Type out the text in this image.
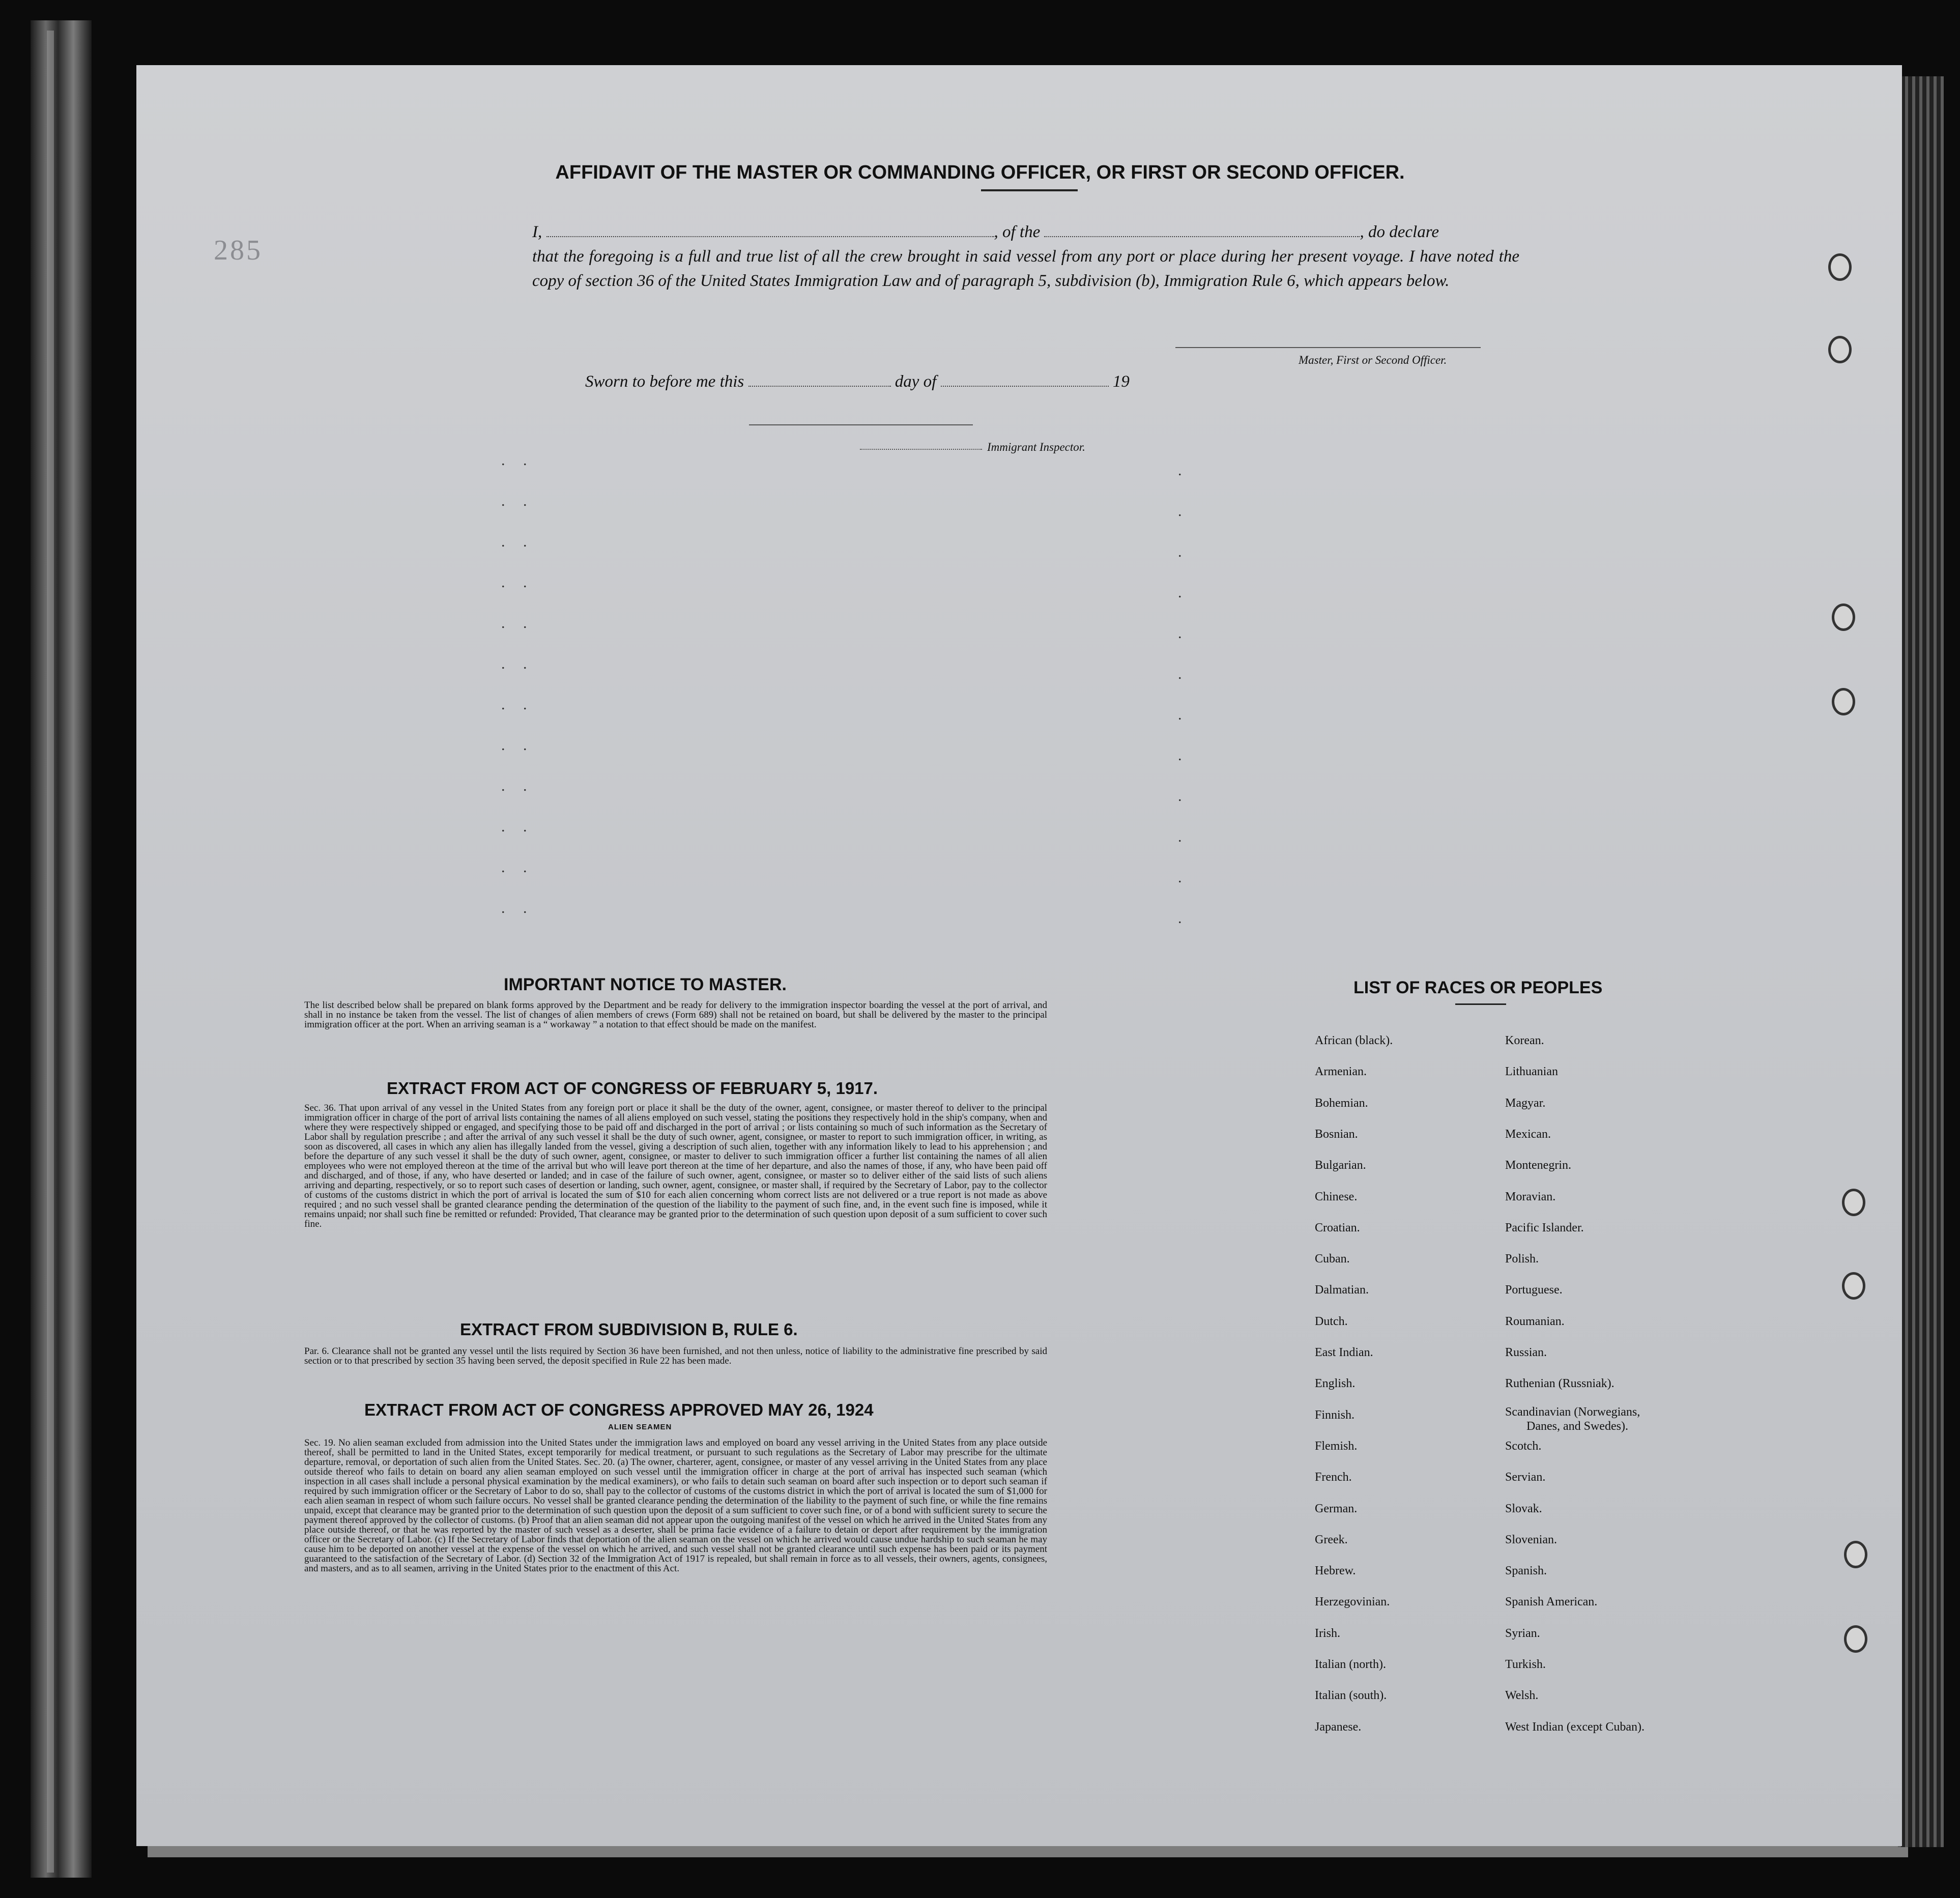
285
AFFIDAVIT OF THE MASTER OR COMMANDING OFFICER, OR FIRST OR SECOND OFFICER.
I,	, of the	, do declare
that the foregoing is a full and true list of all the crew brought in said vessel from any port or place during her present voyage. I have noted the copy of section 36 of the United States Immigration Law and of paragraph 5, subdivision (b), Immigration Rule 6, which appears below.
Master, First or Second Officer.
Sworn to before me this	day of	19
Immigrant Inspector.
. .
. .
. .
. .
. .
. .
. .
. .
. .
. .
. .
. .
.
.
.
.
.
.
.
.
.
.
.
.
IMPORTANT NOTICE TO MASTER.
The list described below shall be prepared on blank forms approved by the Department and be ready for delivery to the immigration inspector boarding the vessel at the port of arrival, and shall in no instance be taken from the vessel. The list of changes of alien members of crews (Form 689) shall not be retained on board, but shall be delivered by the master to the principal immigration officer at the port. When an arriving seaman is a “ workaway ” a notation to that effect should be made on the manifest.
EXTRACT FROM ACT OF CONGRESS OF FEBRUARY 5, 1917.
Sec. 36. That upon arrival of any vessel in the United States from any foreign port or place it shall be the duty of the owner, agent, consignee, or master thereof to deliver to the principal immigration officer in charge of the port of arrival lists containing the names of all aliens employed on such vessel, stating the positions they respectively hold in the ship's company, when and where they were respectively shipped or engaged, and specifying those to be paid off and discharged in the port of arrival ; or lists containing so much of such information as the Secretary of Labor shall by regulation prescribe ; and after the arrival of any such vessel it shall be the duty of such owner, agent, consignee, or master to report to such immigration officer, in writing, as soon as discovered, all cases in which any alien has illegally landed from the vessel, giving a description of such alien, together with any information likely to lead to his apprehension ; and before the departure of any such vessel it shall be the duty of such owner, agent, consignee, or master to deliver to such immigration officer a further list containing the names of all alien employees who were not employed thereon at the time of the arrival but who will leave port thereon at the time of her departure, and also the names of those, if any, who have been paid off and discharged, and of those, if any, who have deserted or landed; and in case of the failure of such owner, agent, consignee, or master so to deliver either of the said lists of such aliens arriving and departing, respectively, or so to report such cases of desertion or landing, such owner, agent, consignee, or master shall, if required by the Secretary of Labor, pay to the collector of customs of the customs district in which the port of arrival is located the sum of $10 for each alien concerning whom correct lists are not delivered or a true report is not made as above required ; and no such vessel shall be granted clearance pending the determination of the question of the liability to the payment of such fine, and, in the event such fine is imposed, while it remains unpaid; nor shall such fine be remitted or refunded: Provided, That clearance may be granted prior to the determination of such question upon deposit of a sum sufficient to cover such fine.
EXTRACT FROM SUBDIVISION B, RULE 6.
Par. 6. Clearance shall not be granted any vessel until the lists required by Section 36 have been furnished, and not then unless, notice of liability to the administrative fine prescribed by said section or to that prescribed by section 35 having been served, the deposit specified in Rule 22 has been made.
EXTRACT FROM ACT OF CONGRESS APPROVED MAY 26, 1924
ALIEN SEAMEN
Sec. 19. No alien seaman excluded from admission into the United States under the immigration laws and employed on board any vessel arriving in the United States from any place outside thereof, shall be permitted to land in the United States, except temporarily for medical treatment, or pursuant to such regulations as the Secretary of Labor may prescribe for the ultimate departure, removal, or deportation of such alien from the United States. Sec. 20. (a) The owner, charterer, agent, consignee, or master of any vessel arriving in the United States from any place outside thereof who fails to detain on board any alien seaman employed on such vessel until the immigration officer in charge at the port of arrival has inspected such seaman (which inspection in all cases shall include a personal physical examination by the medical examiners), or who fails to detain such seaman on board after such inspection or to deport such seaman if required by such immigration officer or the Secretary of Labor to do so, shall pay to the collector of customs of the customs district in which the port of arrival is located the sum of $1,000 for each alien seaman in respect of whom such failure occurs. No vessel shall be granted clearance pending the determination of the liability to the payment of such fine, or while the fine remains unpaid, except that clearance may be granted prior to the determination of such question upon the deposit of a sum sufficient to cover such fine, or of a bond with sufficient surety to secure the payment thereof approved by the collector of customs. (b) Proof that an alien seaman did not appear upon the outgoing manifest of the vessel on which he arrived in the United States from any place outside thereof, or that he was reported by the master of such vessel as a deserter, shall be prima facie evidence of a failure to detain or deport after requirement by the immigration officer or the Secretary of Labor. (c) If the Secretary of Labor finds that deportation of the alien seaman on the vessel on which he arrived would cause undue hardship to such seaman he may cause him to be deported on another vessel at the expense of the vessel on which he arrived, and such vessel shall not be granted clearance until such expense has been paid or its payment guaranteed to the satisfaction of the Secretary of Labor. (d) Section 32 of the Immigration Act of 1917 is repealed, but shall remain in force as to all vessels, their owners, agents, consignees, and masters, and as to all seamen, arriving in the United States prior to the enactment of this Act.
LIST OF RACES OR PEOPLES
African (black).
Armenian.
Bohemian.
Bosnian.
Bulgarian.
Chinese.
Croatian.
Cuban.
Dalmatian.
Dutch.
East Indian.
English.
Finnish.
Flemish.
French.
German.
Greek.
Hebrew.
Herzegovinian.
Irish.
Italian (north).
Italian (south).
Japanese.
Korean.
Lithuanian
Magyar.
Mexican.
Montenegrin.
Moravian.
Pacific Islander.
Polish.
Portuguese.
Roumanian.
Russian.
Ruthenian (Russniak).
Scandinavian (Norwegians,
Danes, and Swedes).
Scotch.
Servian.
Slovak.
Slovenian.
Spanish.
Spanish American.
Syrian.
Turkish.
Welsh.
West Indian (except Cuban).
